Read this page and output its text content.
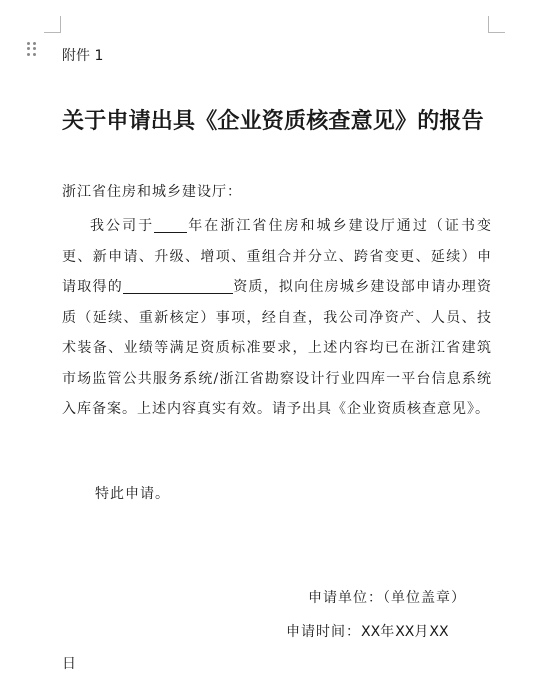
附件 1
关于申请出具《企业资质核查意见》的报告
浙江省住房和城乡建设厅：
我公司于 年在浙江省住房和城乡建设厅通过（证书变更、新申请、升级、增项、重组合并分立、跨省变更、延续）申请取得的	资质，拟向住房城乡建设部申请办理资质（延续、重新核定）事项，经自查，我公司净资产、人员、技术装备、业绩等满足资质标准要求，上述内容均已在浙江省建筑市场监管公共服务系统/浙江省勘察设计行业四库一平台信息系统入库备案。上述内容真实有效。请予出具《企业资质核查意见》。
特此申请。
申请单位：（单位盖章）
申请时间：XX年XX月XX
日
